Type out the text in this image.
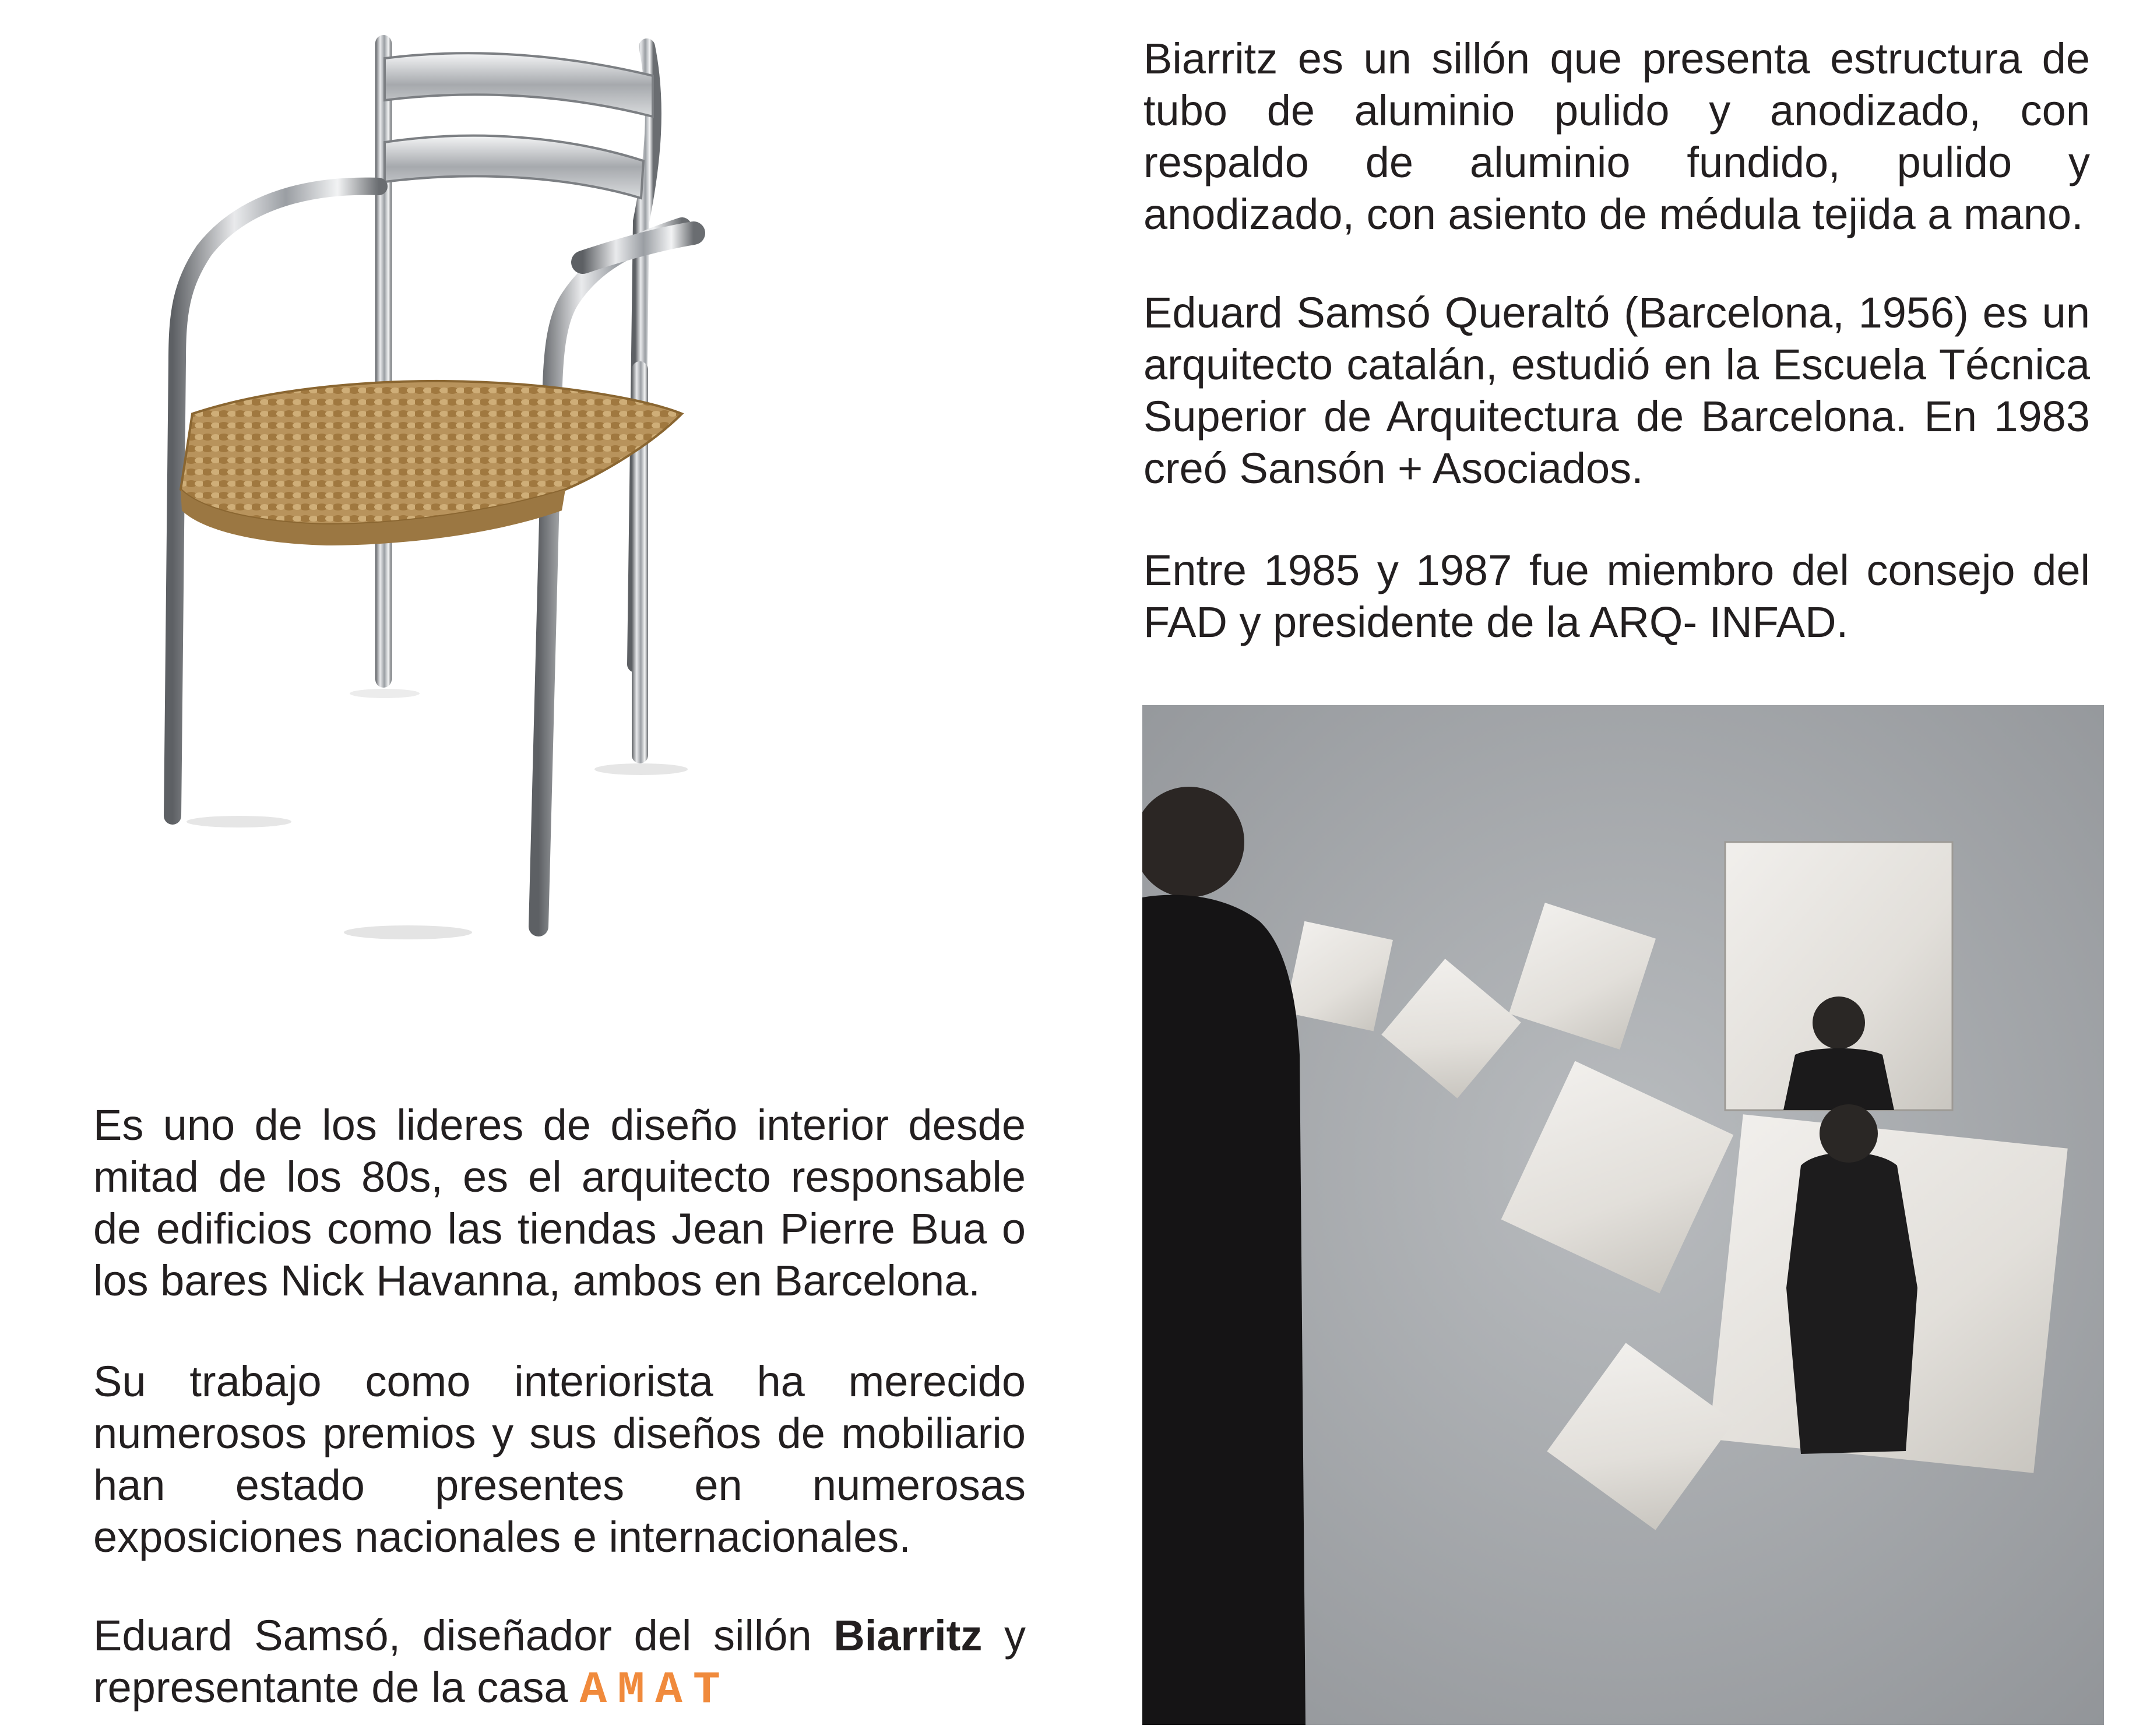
Biarritz es un sillón que presenta estructura de tubo de aluminio pulido y anodizado, con respaldo de aluminio fundido, pulido y anodizado, con asiento de médula tejida a mano.

Eduard Samsó Queraltó (Barcelona, 1956) es un arquitecto catalán, estudió en la Escuela Técnica Superior de Arquitectura de Barcelona. En 1983 creó Sansón + Asociados.

Entre 1985 y 1987 fue miembro del consejo del FAD y presidente de la ARQ- INFAD.

Es uno de los lideres de diseño interior desde mitad de los 80s, es el arquitecto responsable de edificios como las tiendas Jean Pierre Bua o los bares Nick Havanna, ambos en Barcelona.

Su trabajo como interiorista ha merecido numerosos premios y sus diseños de mobiliario han estado presentes en numerosas exposiciones nacionales e internacionales.

Eduard Samsó, diseñador del sillón Biarritz y representante de la casa AMAT
